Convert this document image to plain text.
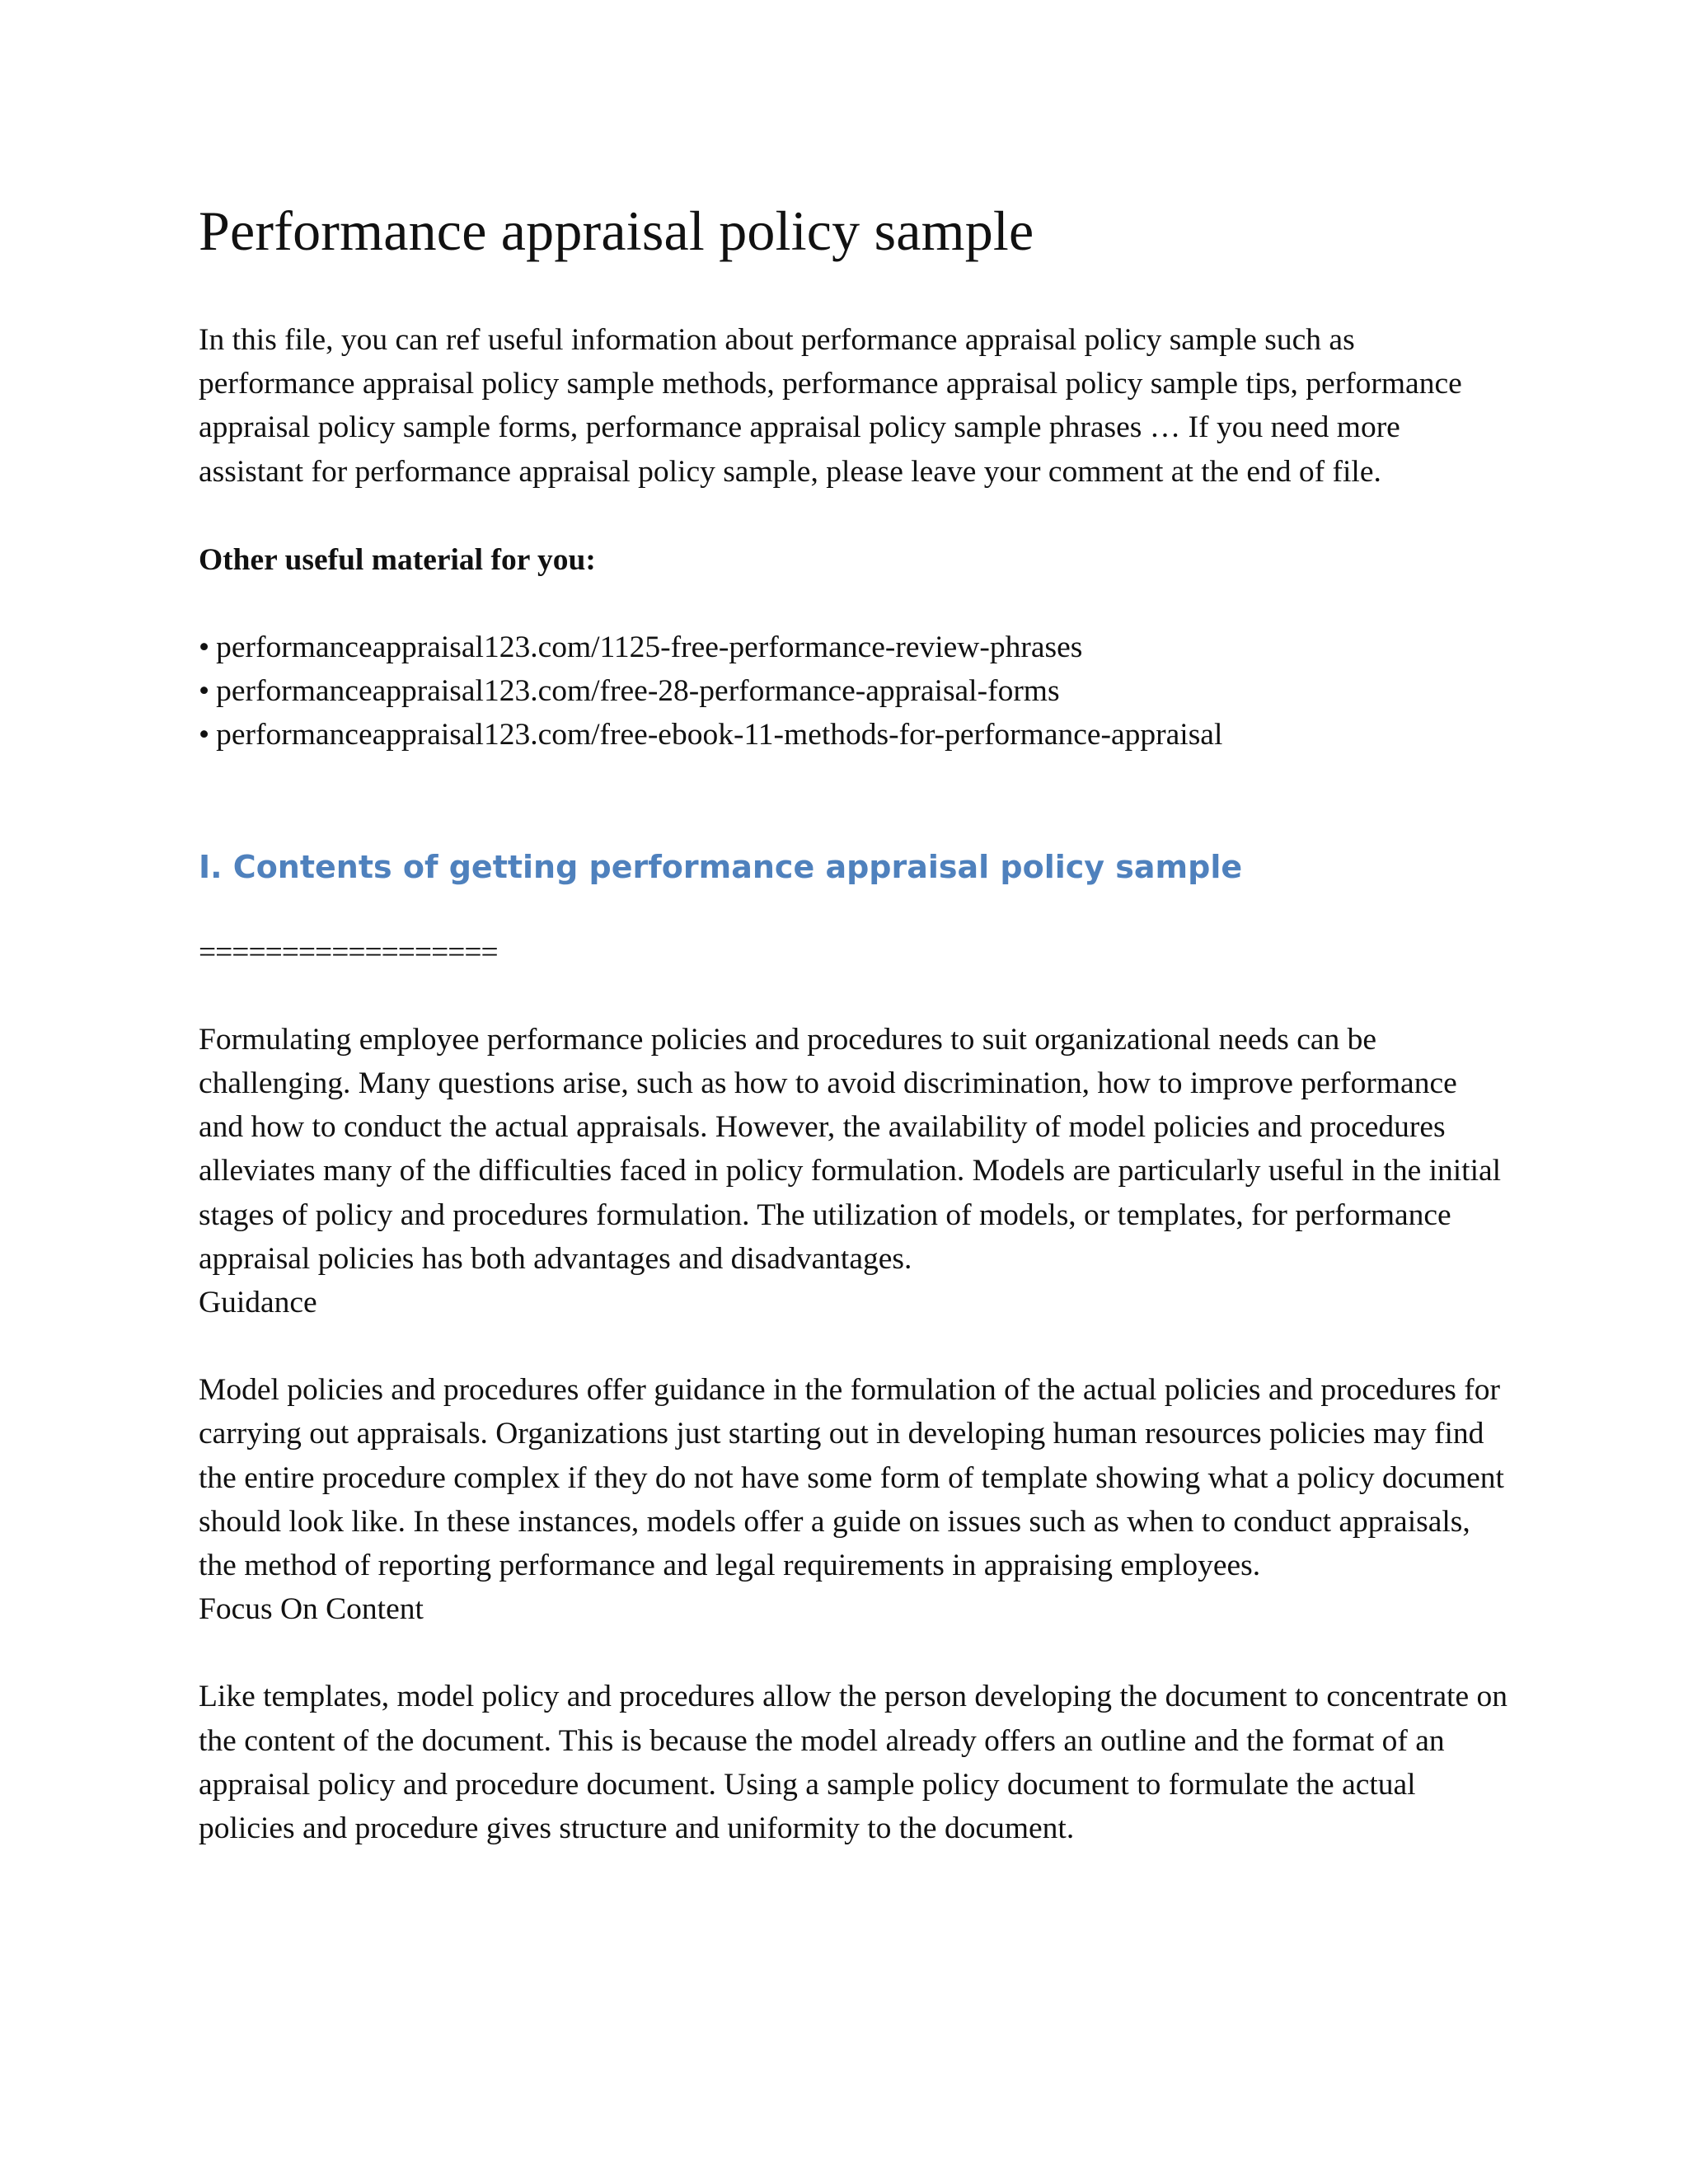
Performance appraisal policy sample

In this file, you can ref useful information about performance appraisal policy sample such as performance appraisal policy sample methods, performance appraisal policy sample tips, performance appraisal policy sample forms, performance appraisal policy sample phrases … If you need more assistant for performance appraisal policy sample, please leave your comment at the end of file.

Other useful material for you:

• performanceappraisal123.com/1125-free-performance-review-phrases
• performanceappraisal123.com/free-28-performance-appraisal-forms
• performanceappraisal123.com/free-ebook-11-methods-for-performance-appraisal
I. Contents of getting performance appraisal policy sample
==================

Formulating employee performance policies and procedures to suit organizational needs can be challenging. Many questions arise, such as how to avoid discrimination, how to improve performance and how to conduct the actual appraisals. However, the availability of model policies and procedures alleviates many of the difficulties faced in policy formulation. Models are particularly useful in the initial stages of policy and procedures formulation. The utilization of models, or templates, for performance appraisal policies has both advantages and disadvantages.

Guidance

Model policies and procedures offer guidance in the formulation of the actual policies and procedures for carrying out appraisals. Organizations just starting out in developing human resources policies may find the entire procedure complex if they do not have some form of template showing what a policy document should look like. In these instances, models offer a guide on issues such as when to conduct appraisals, the method of reporting performance and legal requirements in appraising employees.

Focus On Content

Like templates, model policy and procedures allow the person developing the document to concentrate on the content of the document. This is because the model already offers an outline and the format of an appraisal policy and procedure document. Using a sample policy document to formulate the actual policies and procedure gives structure and uniformity to the document.
